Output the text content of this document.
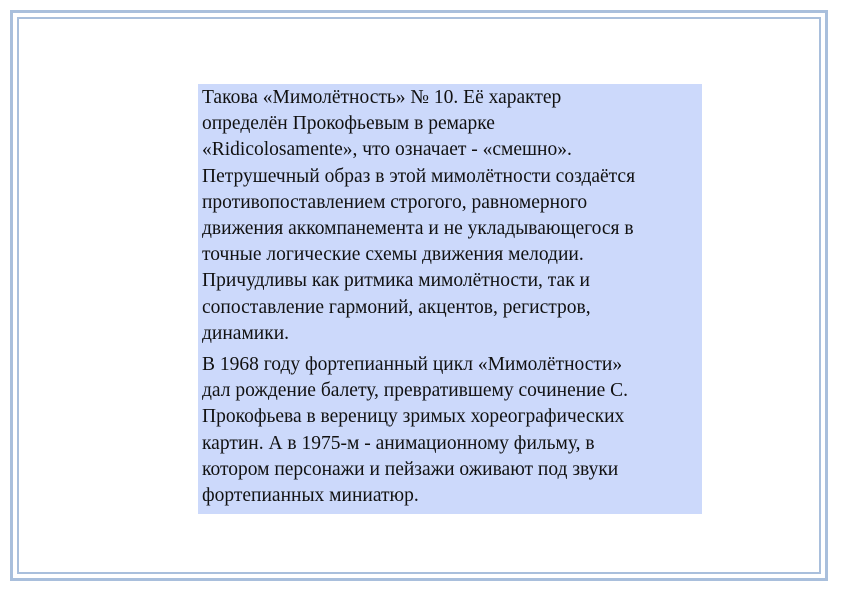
Такова «Мимолётность» № 10. Её характер
определён Прокофьевым в ремарке
«Ridicolosamente», что означает - «смешно».
Петрушечный образ в этой мимолётности создаётся
противопоставлением строгого, равномерного
движения аккомпанемента и не укладывающегося в
точные логические схемы движения мелодии.
Причудливы как ритмика мимолётности, так и
сопоставление гармоний, акцентов, регистров,
динамики.

В 1968 году фортепианный цикл «Мимолётности»
дал рождение балету, превратившему сочинение С.
Прокофьева в вереницу зримых хореографических
картин. А в 1975-м - анимационному фильму, в
котором персонажи и пейзажи оживают под звуки
фортепианных миниатюр.
